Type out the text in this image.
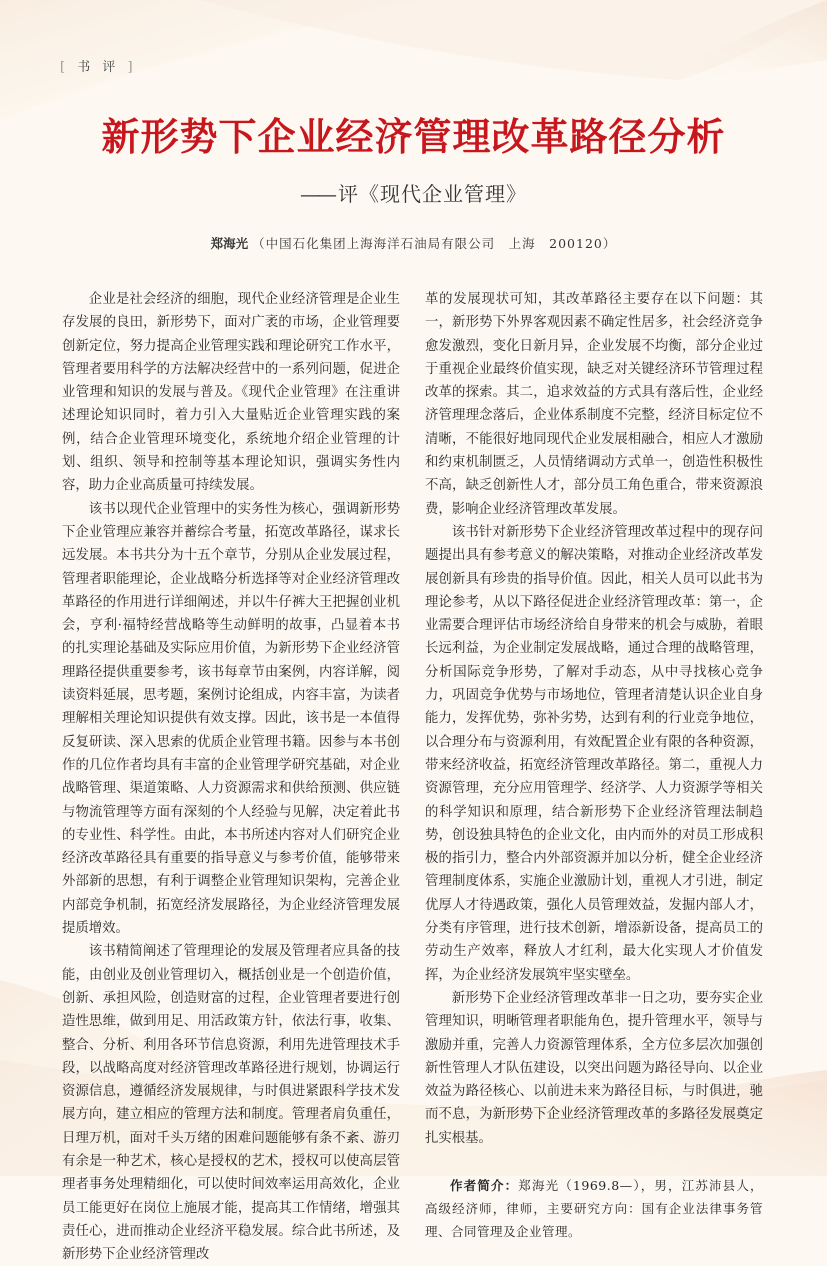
[ 书 评 ]
新形势下企业经济管理改革路径分析
—— 评《现代企业管理》
郑海光 （中国石化集团上海海洋石油局有限公司　上海　200120）

企业是社会经济的细胞，现代企业经济管理是企业生存发展的良田，新形势下，面对广袤的市场，企业管理要创新定位，努力提高企业管理实践和理论研究工作水平，管理者要用科学的方法解决经营中的一系列问题，促进企业管理和知识的发展与普及。《现代企业管理》在注重讲述理论知识同时，着力引入大量贴近企业管理实践的案例，结合企业管理环境变化，系统地介绍企业管理的计划、组织、领导和控制等基本理论知识，强调实务性内容，助力企业高质量可持续发展。

该书以现代企业管理中的实务性为核心，强调新形势下企业管理应兼容并蓄综合考量，拓宽改革路径，谋求长远发展。本书共分为十五个章节，分别从企业发展过程，管理者职能理论，企业战略分析选择等对企业经济管理改革路径的作用进行详细阐述，并以牛仔裤大王把握创业机会，亨利·福特经营战略等生动鲜明的故事，凸显着本书的扎实理论基础及实际应用价值，为新形势下企业经济管理路径提供重要参考，该书每章节由案例，内容详解，阅读资料延展，思考题，案例讨论组成，内容丰富，为读者理解相关理论知识提供有效支撑。因此，该书是一本值得反复研读、深入思索的优质企业管理书籍。因参与本书创作的几位作者均具有丰富的企业管理学研究基础，对企业战略管理、渠道策略、人力资源需求和供给预测、供应链与物流管理等方面有深刻的个人经验与见解，决定着此书的专业性、科学性。由此，本书所述内容对人们研究企业经济改革路径具有重要的指导意义与参考价值，能够带来外部新的思想，有利于调整企业管理知识架构，完善企业内部竞争机制，拓宽经济发展路径，为企业经济管理发展提质增效。

该书精简阐述了管理理论的发展及管理者应具备的技能，由创业及创业管理切入，概括创业是一个创造价值，创新、承担风险，创造财富的过程，企业管理者要进行创造性思维，做到用足、用活政策方针，依法行事，收集、整合、分析、利用各环节信息资源，利用先进管理技术手段，以战略高度对经济管理改革路径进行规划，协调运行资源信息，遵循经济发展规律，与时俱进紧跟科学技术发展方向，建立相应的管理方法和制度。管理者肩负重任，日理万机，面对千头万绪的困难问题能够有条不紊、游刃有余是一种艺术，核心是授权的艺术，授权可以使高层管理者事务处理精细化，可以使时间效率运用高效化，企业员工能更好在岗位上施展才能，提高其工作情绪，增强其责任心，进而推动企业经济平稳发展。综合此书所述，及新形势下企业经济管理改

革的发展现状可知，其改革路径主要存在以下问题：其一，新形势下外界客观因素不确定性居多，社会经济竞争愈发激烈，变化日新月异，企业发展不均衡，部分企业过于重视企业最终价值实现，缺乏对关键经济环节管理过程改革的探索。其二，追求效益的方式具有落后性，企业经济管理理念落后，企业体系制度不完整，经济目标定位不清晰，不能很好地同现代企业发展相融合，相应人才激励和约束机制匮乏，人员情绪调动方式单一，创造性积极性不高，缺乏创新性人才，部分员工角色重合，带来资源浪费，影响企业经济管理改革发展。

该书针对新形势下企业经济管理改革过程中的现存问题提出具有参考意义的解决策略，对推动企业经济改革发展创新具有珍贵的指导价值。因此，相关人员可以此书为理论参考，从以下路径促进企业经济管理改革：第一，企业需要合理评估市场经济给自身带来的机会与威胁，着眼长远利益，为企业制定发展战略，通过合理的战略管理，分析国际竞争形势，了解对手动态，从中寻找核心竞争力，巩固竞争优势与市场地位，管理者清楚认识企业自身能力，发挥优势，弥补劣势，达到有利的行业竞争地位，以合理分布与资源利用，有效配置企业有限的各种资源，带来经济收益，拓宽经济管理改革路径。第二，重视人力资源管理，充分应用管理学、经济学、人力资源学等相关的科学知识和原理，结合新形势下企业经济管理法制趋势，创设独具特色的企业文化，由内而外的对员工形成积极的指引力，整合内外部资源并加以分析，健全企业经济管理制度体系，实施企业激励计划，重视人才引进，制定优厚人才待遇政策，强化人员管理效益，发掘内部人才，分类有序管理，进行技术创新，增添新设备，提高员工的劳动生产效率，释放人才红利，最大化实现人才价值发挥，为企业经济发展筑牢坚实壁垒。

新形势下企业经济管理改革非一日之功，要夯实企业管理知识，明晰管理者职能角色，提升管理水平，领导与激励并重，完善人力资源管理体系，全方位多层次加强创新性管理人才队伍建设，以突出问题为路径导向、以企业效益为路径核心、以前进未来为路径目标，与时俱进，驰而不息，为新形势下企业经济管理改革的多路径发展奠定扎实根基。

作者简介：郑海光（1969.8—），男，江苏沛县人，高级经济师，律师，主要研究方向：国有企业法律事务管理、合同管理及企业管理。
